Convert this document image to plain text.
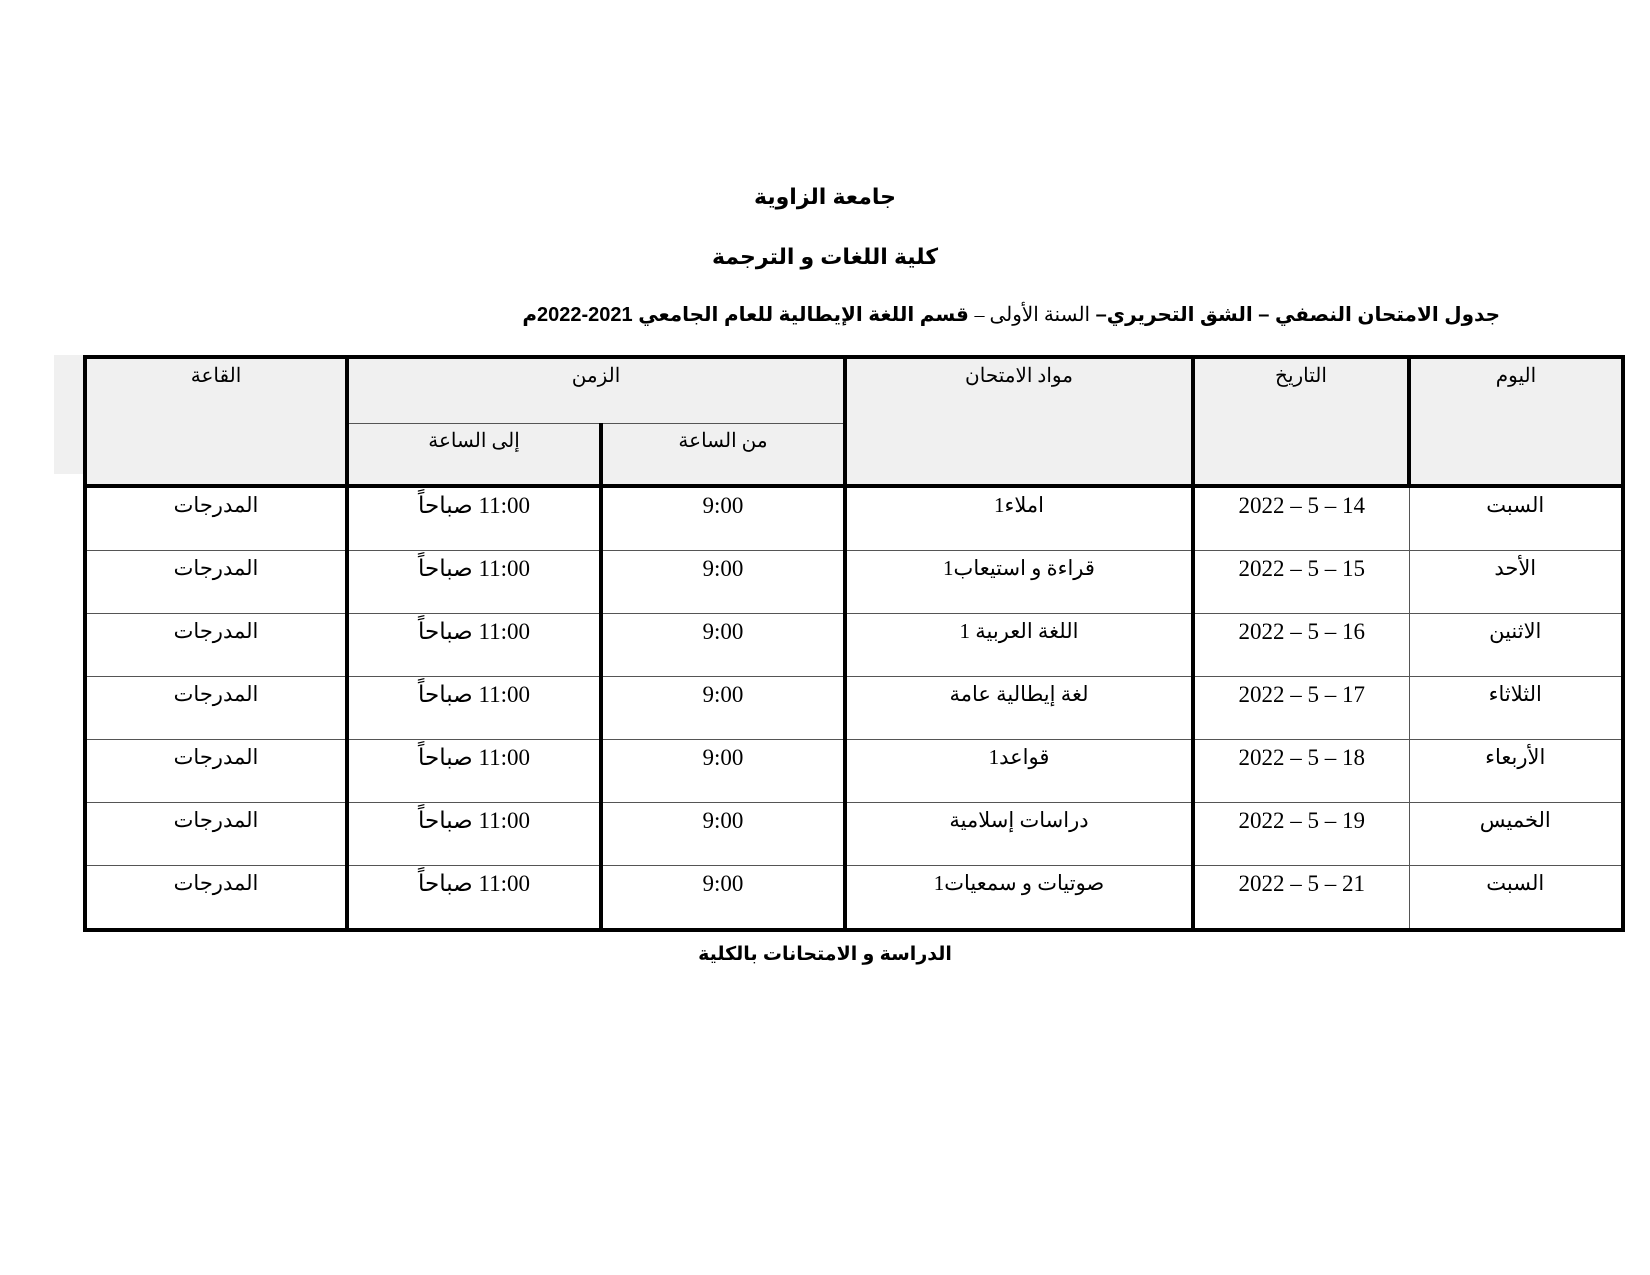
جامعة الزاوية
كلية اللغات و الترجمة
جدول الامتحان النصفي – الشق التحريري– السنة الأولى – قسم اللغة الإيطالية للعام الجامعي 2021-2022م
اليوم	التاريخ	مواد الامتحان	الزمن		القاعة
			من الساعة	إلى الساعة	
السبت	14 – 5 – 2022	املاء1	9:00	11:00 صباحاً	المدرجات
الأحد	15 – 5 – 2022	قراءة و استيعاب1	9:00	11:00 صباحاً	المدرجات
الاثنين	16 – 5 – 2022	اللغة العربية 1	9:00	11:00 صباحاً	المدرجات
الثلاثاء	17 – 5 – 2022	لغة إيطالية عامة	9:00	11:00 صباحاً	المدرجات
الأربعاء	18 – 5 – 2022	قواعد1	9:00	11:00 صباحاً	المدرجات
الخميس	19 – 5 – 2022	دراسات إسلامية	9:00	11:00 صباحاً	المدرجات
السبت	21 – 5 – 2022	صوتيات و سمعيات1	9:00	11:00 صباحاً	المدرجات
الدراسة و الامتحانات بالكلية
